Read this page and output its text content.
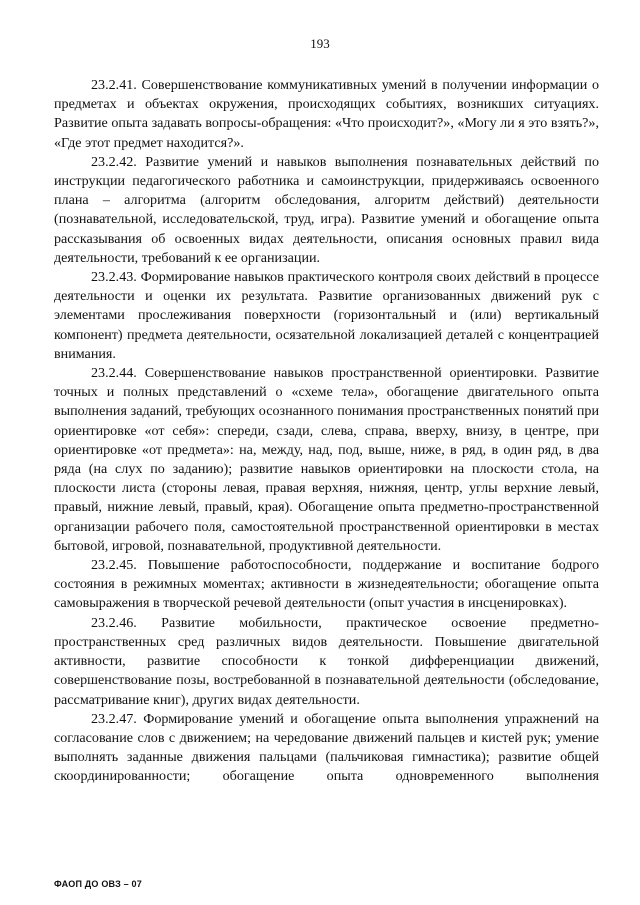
193

23.2.41. Совершенствование коммуникативных умений в получении информации о предметах и объектах окружения, происходящих событиях, возникших ситуациях. Развитие опыта задавать вопросы-обращения: «Что происходит?», «Могу ли я это взять?», «Где этот предмет находится?».

23.2.42. Развитие умений и навыков выполнения познавательных действий по инструкции педагогического работника и самоинструкции, придерживаясь освоенного плана – алгоритма (алгоритм обследования, алгоритм действий) деятельности (познавательной, исследовательской, труд, игра). Развитие умений и обогащение опыта рассказывания об освоенных видах деятельности, описания основных правил вида деятельности, требований к ее организации.

23.2.43. Формирование навыков практического контроля своих действий в процессе деятельности и оценки их результата. Развитие организованных движений рук с элементами прослеживания поверхности (горизонтальный и (или) вертикальный компонент) предмета деятельности, осязательной локализацией деталей с концентрацией внимания.

23.2.44. Совершенствование навыков пространственной ориентировки. Развитие точных и полных представлений о «схеме тела», обогащение двигательного опыта выполнения заданий, требующих осознанного понимания пространственных понятий при ориентировке «от себя»: спереди, сзади, слева, справа, вверху, внизу, в центре, при ориентировке «от предмета»: на, между, над, под, выше, ниже, в ряд, в один ряд, в два ряда (на слух по заданию); развитие навыков ориентировки на плоскости стола, на плоскости листа (стороны левая, правая верхняя, нижняя, центр, углы верхние левый, правый, нижние левый, правый, края). Обогащение опыта предметно-пространственной организации рабочего поля, самостоятельной пространственной ориентировки в местах бытовой, игровой, познавательной, продуктивной деятельности.

23.2.45. Повышение работоспособности, поддержание и воспитание бодрого состояния в режимных моментах; активности в жизнедеятельности; обогащение опыта самовыражения в творческой речевой деятельности (опыт участия в инсценировках).

23.2.46. Развитие мобильности, практическое освоение предметно-пространственных сред различных видов деятельности. Повышение двигательной активности, развитие способности к тонкой дифференциации движений, совершенствование позы, востребованной в познавательной деятельности (обследование, рассматривание книг), других видах деятельности.

23.2.47. Формирование умений и обогащение опыта выполнения упражнений на согласование слов с движением; на чередование движений пальцев и кистей рук; умение выполнять заданные движения пальцами (пальчиковая гимнастика); развитие общей скоординированности; обогащение опыта одновременного выполнения

ФАОП ДО ОВЗ – 07
